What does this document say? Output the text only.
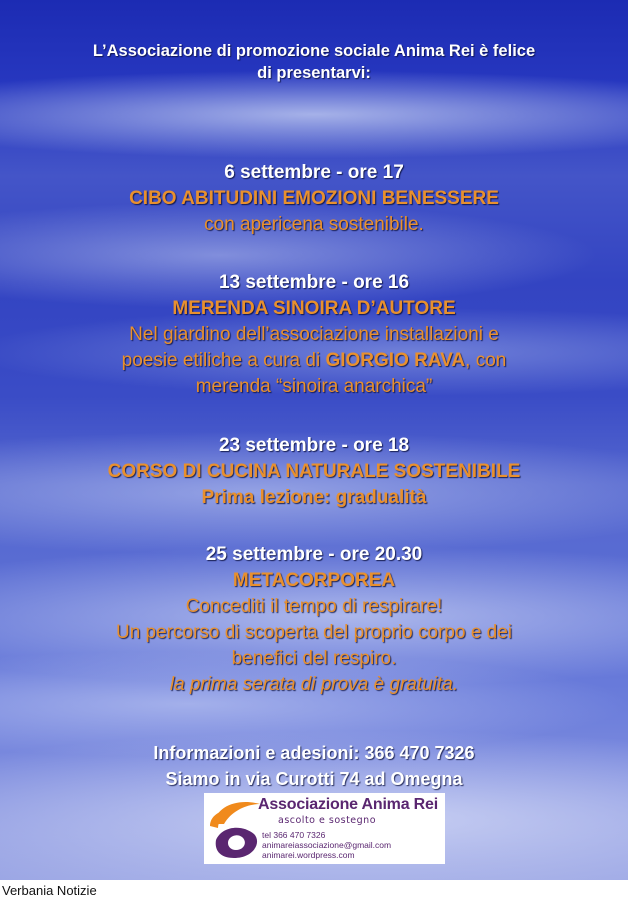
L’Associazione di promozione sociale Anima Rei è felice
di presentarvi:
6 settembre - ore 17
CIBO ABITUDINI EMOZIONI BENESSERE
con apericena sostenibile.
13 settembre - ore 16
MERENDA SINOIRA D’AUTORE
Nel giardino dell’associazione installazioni e
poesie etiliche a cura di GIORGIO RAVA, con
merenda “sinoira anarchica”
23 settembre - ore 18
CORSO DI CUCINA NATURALE SOSTENIBILE
Prima lezione: gradualità
25 settembre - ore 20.30
METACORPOREA
Concediti il tempo di respirare!
Un percorso di scoperta del proprio corpo e dei
benefici del respiro.
la prima serata di prova è gratuita.
Informazioni e adesioni: 366 470 7326
Siamo in via Curotti 74 ad Omegna
Associazione Anima Rei
ascolto e sostegno
tel 366 470 7326
animareiassociazione@gmail.com
animarei.wordpress.com
Verbania Notizie
